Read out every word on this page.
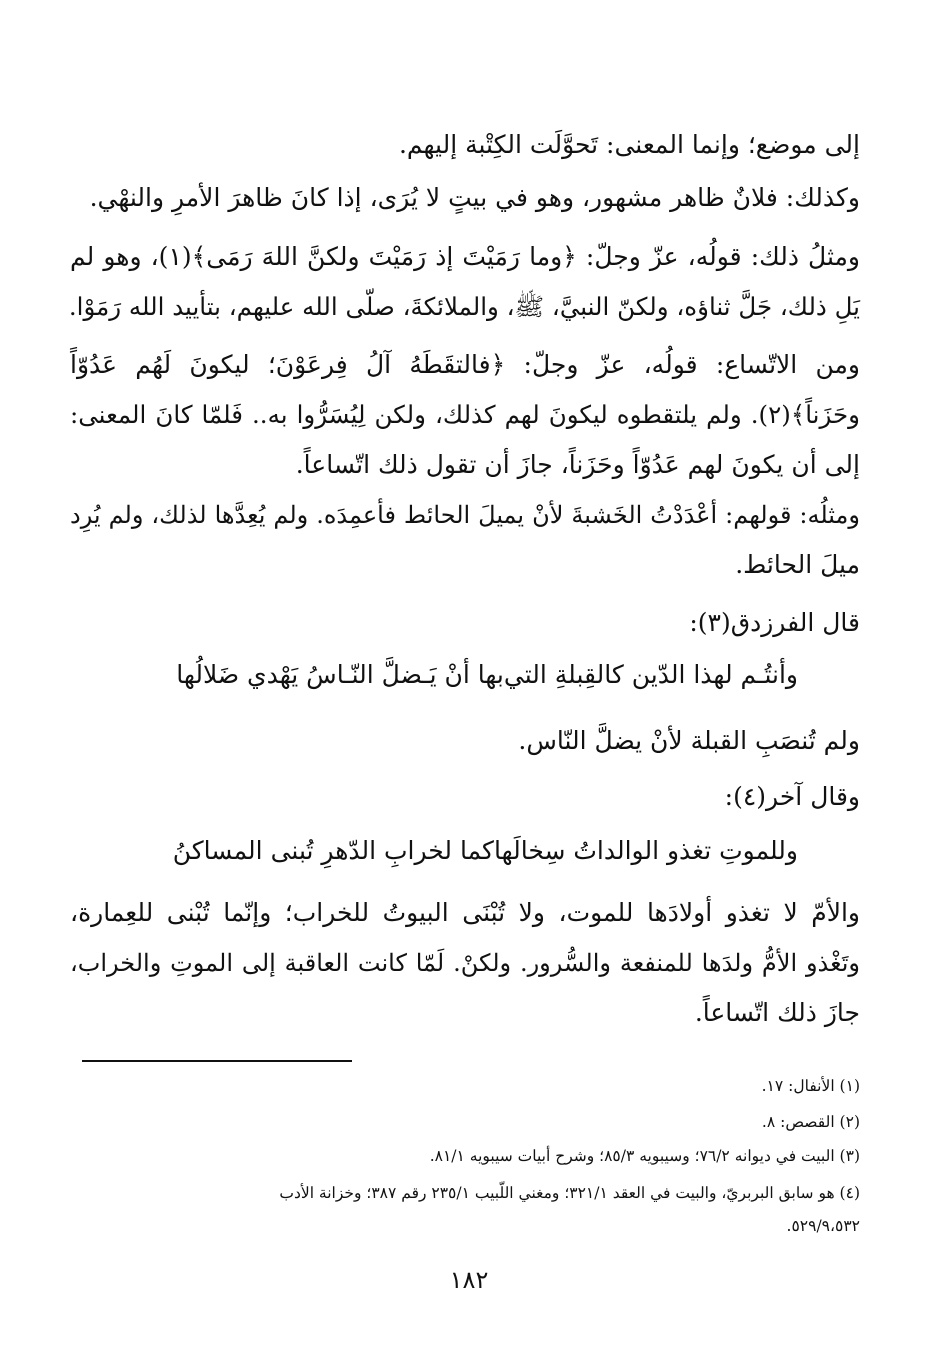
إلى موضع؛ وإنما المعنى: تَحوَّلَت الكِتْبة إليهم.
وكذلك: فلانٌ ظاهر مشهور، وهو في بيتٍ لا يُرَى، إذا كانَ ظاهرَ الأمرِ والنهْي.
ومثلُ ذلك: قولُه، عزّ وجلّ: ﴿وما رَمَيْتَ إذ رَمَيْتَ ولكنَّ اللهَ رَمَى﴾(١)، وهو لم
يَلِ ذلك، جَلَّ ثناؤه، ولكنّ النبيَّ، ﷺ، والملائكةَ، صلّى الله عليهم، بتأييد الله رَمَوْا.
ومن الاتّساع: قولُه، عزّ وجلّ: ﴿فالتقَطَهُ آلُ فِرعَوْنَ؛ ليكونَ لَهُم عَدُوّاً
وحَزَناً﴾(٢). ولم يلتقطوه ليكونَ لهم كذلك، ولكن لِيُسَرُّوا به.. فَلمّا كانَ المعنى:
إلى أن يكونَ لهم عَدُوّاً وحَزَناً، جازَ أن تقول ذلك اتّساعاً.
ومثلُه: قولهم: أعْدَدْتُ الخَشبةَ لأنْ يميلَ الحائط فأعمِدَه. ولم يُعِدَّها لذلك، ولم يُرِد
ميلَ الحائط.
قال الفرزدق(٣):
وأنتُـم لهذا الدّين كالقِبلةِ التي
بها أنْ يَـضلَّ النّـاسُ يَهْدي ضَلالُها
ولم تُنصَبِ القبلة لأنْ يضلَّ النّاس.
وقال آخر(٤):
وللموتِ تغذو الوالداتُ سِخالَها
كما لخرابِ الدّهرِ تُبنى المساكنُ
والأمّ لا تغذو أولادَها للموت، ولا تُبْنَى البيوتُ للخراب؛ وإنّما تُبْنى للعِمارة،
وتَغْذو الأمُّ ولدَها للمنفعة والسُّرور. ولكنْ. لَمّا كانت العاقبة إلى الموتِ والخراب،
جازَ ذلك اتّساعاً.
(١) الأنفال: ١٧.
(٢) القصص: ٨.
(٣) البيت في ديوانه ٧٦/٢؛ وسيبويه ٨٥/٣؛ وشرح أبيات سيبويه ٨١/١.
(٤) هو سابق البربريّ، والبيت في العقد ٣٢١/١؛ ومغني اللّبيب ٢٣٥/١ رقم ٣٨٧؛ وخزانة الأدب
٥٢٩/٩،٥٣٢.
١٨٢
